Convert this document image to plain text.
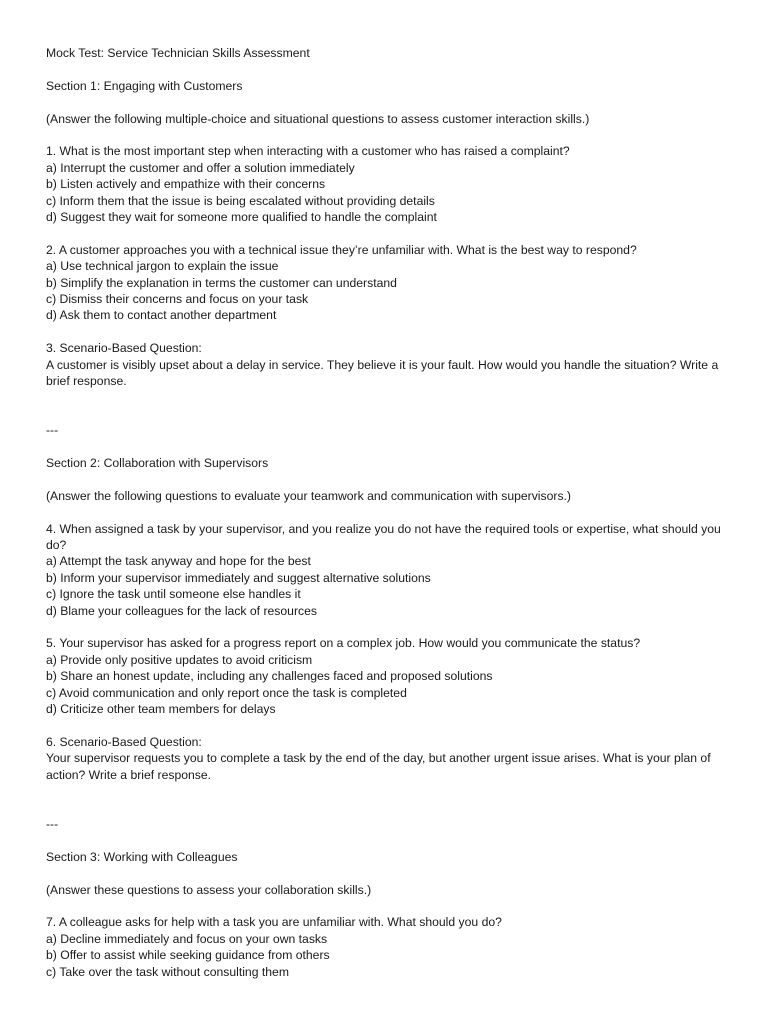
Mock Test: Service Technician Skills Assessment
Section 1: Engaging with Customers
(Answer the following multiple-choice and situational questions to assess customer interaction skills.)
1. What is the most important step when interacting with a customer who has raised a complaint?
a) Interrupt the customer and offer a solution immediately
b) Listen actively and empathize with their concerns
c) Inform them that the issue is being escalated without providing details
d) Suggest they wait for someone more qualified to handle the complaint
2. A customer approaches you with a technical issue they’re unfamiliar with. What is the best way to respond?
a) Use technical jargon to explain the issue
b) Simplify the explanation in terms the customer can understand
c) Dismiss their concerns and focus on your task
d) Ask them to contact another department
3. Scenario-Based Question:
A customer is visibly upset about a delay in service. They believe it is your fault. How would you handle the situation? Write a brief response.
---
Section 2: Collaboration with Supervisors
(Answer the following questions to evaluate your teamwork and communication with supervisors.)
4. When assigned a task by your supervisor, and you realize you do not have the required tools or expertise, what should you do?
a) Attempt the task anyway and hope for the best
b) Inform your supervisor immediately and suggest alternative solutions
c) Ignore the task until someone else handles it
d) Blame your colleagues for the lack of resources
5. Your supervisor has asked for a progress report on a complex job. How would you communicate the status?
a) Provide only positive updates to avoid criticism
b) Share an honest update, including any challenges faced and proposed solutions
c) Avoid communication and only report once the task is completed
d) Criticize other team members for delays
6. Scenario-Based Question:
Your supervisor requests you to complete a task by the end of the day, but another urgent issue arises. What is your plan of action? Write a brief response.
---
Section 3: Working with Colleagues
(Answer these questions to assess your collaboration skills.)
7. A colleague asks for help with a task you are unfamiliar with. What should you do?
a) Decline immediately and focus on your own tasks
b) Offer to assist while seeking guidance from others
c) Take over the task without consulting them
